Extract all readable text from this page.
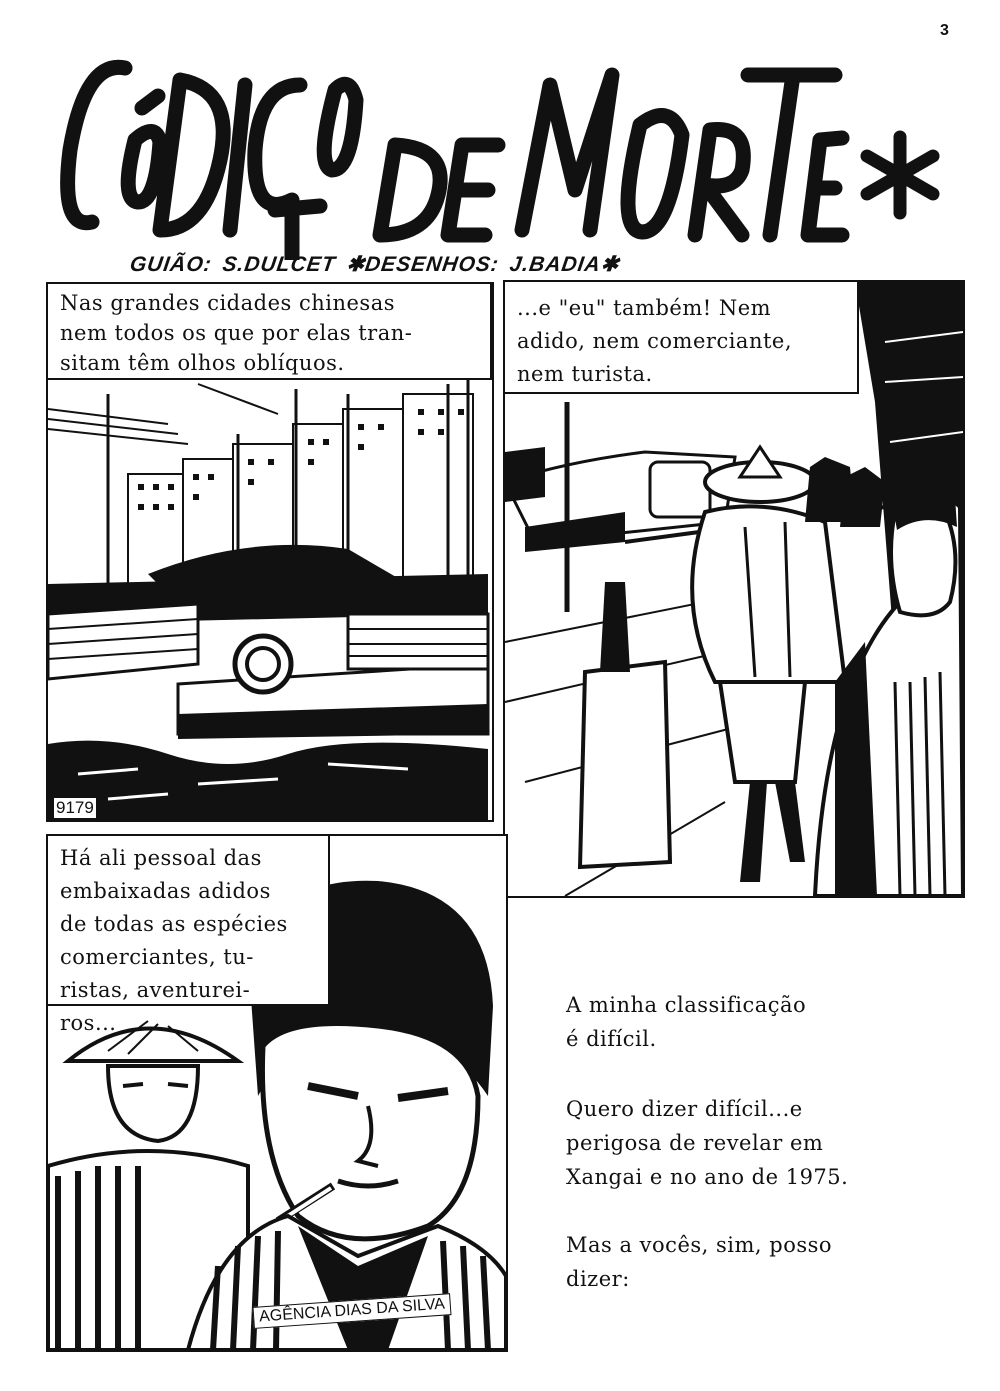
3
GUIÃO: S.DULCET ✱DESENHOS: J.BADIA✱
Nas grandes cidades chinesas
nem todos os que por elas tran-
sitam têm olhos oblíquos.
9179
...e "eu" também! Nem
adido, nem comerciante,
nem turista.
Há ali pessoal das
embaixadas adidos
de todas as espécies
comerciantes, tu-
ristas, aventurei-
ros...
AGÊNCIA DIAS DA SILVA
A minha classificação
é difícil.
Quero dizer difícil...e
perigosa de revelar em
Xangai e no ano de 1975.
Mas a vocês, sim, posso
dizer:
